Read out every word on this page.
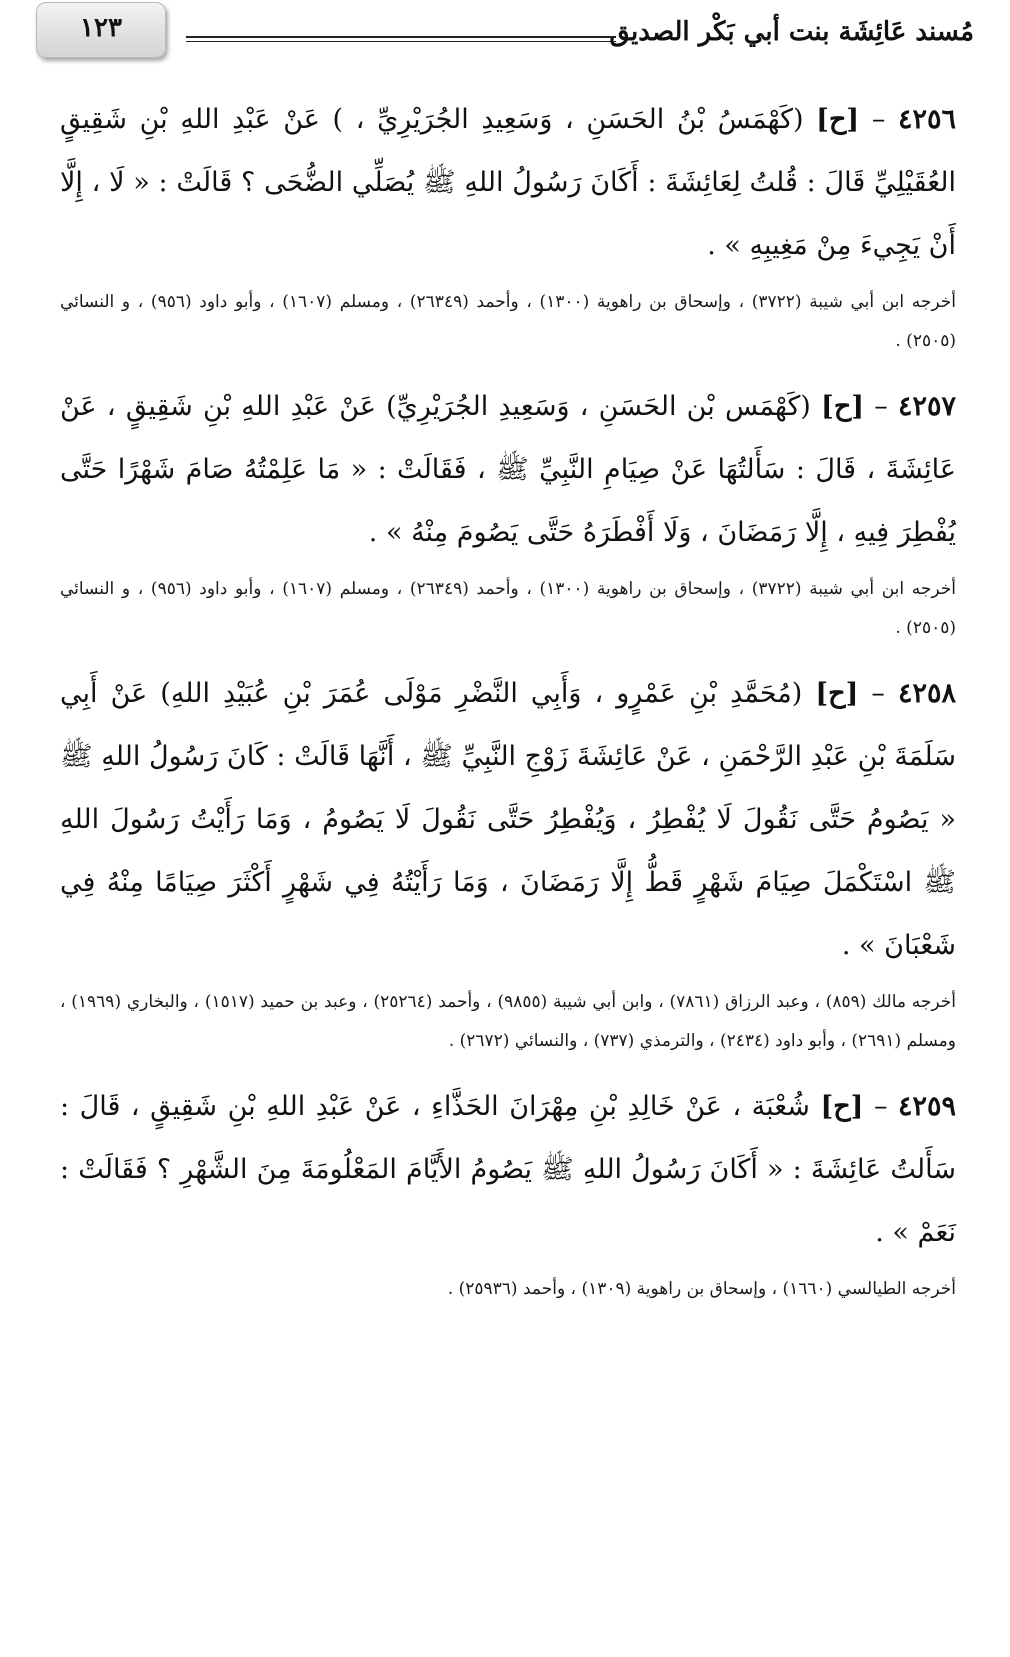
مُسند عَائِشَة بنت أبي بَكْر الصديق
١٢٣

٤٢٥٦ – [ح] (كَهْمَسُ بْنُ الحَسَنِ ، وَسَعِيدِ الجُرَيْرِيِّ ، ) عَنْ عَبْدِ اللهِ بْنِ شَقِيقٍ العُقَيْلِيِّ قَالَ : قُلتُ لِعَائِشَةَ : أَكَانَ رَسُولُ اللهِ ﷺ يُصَلِّي الضُّحَى ؟ قَالَتْ : « لَا ، إِلَّا أَنْ يَجِيءَ مِنْ مَغِيبِهِ » .

أخرجه ابن أبي شيبة (٣٧٢٢) ، وإسحاق بن راهوية (١٣٠٠) ، وأحمد (٢٦٣٤٩) ، ومسلم (١٦٠٧) ، وأبو داود (٩٥٦) ، و النسائي (٢٥٠٥) .

٤٢٥٧ – [ح] (كَهْمَس بْن الحَسَنِ ، وَسَعِيدِ الجُرَيْرِيِّ) عَنْ عَبْدِ اللهِ بْنِ شَقِيقٍ ، عَنْ عَائِشَةَ ، قَالَ : سَأَلتُهَا عَنْ صِيَامِ النَّبِيِّ ﷺ ، فَقَالَتْ : « مَا عَلِمْتُهُ صَامَ شَهْرًا حَتَّى يُفْطِرَ فِيهِ ، إِلَّا رَمَضَانَ ، وَلَا أَفْطَرَهُ حَتَّى يَصُومَ مِنْهُ » .

أخرجه ابن أبي شيبة (٣٧٢٢) ، وإسحاق بن راهوية (١٣٠٠) ، وأحمد (٢٦٣٤٩) ، ومسلم (١٦٠٧) ، وأبو داود (٩٥٦) ، و النسائي (٢٥٠٥) .

٤٢٥٨ – [ح] (مُحَمَّدِ بْنِ عَمْرٍو ، وَأَبِي النَّضْرِ مَوْلَى عُمَرَ بْنِ عُبَيْدِ اللهِ) عَنْ أَبِي سَلَمَةَ بْنِ عَبْدِ الرَّحْمَنِ ، عَنْ عَائِشَةَ زَوْجِ النَّبِيِّ ﷺ ، أَنَّهَا قَالَتْ : كَانَ رَسُولُ اللهِ ﷺ « يَصُومُ حَتَّى نَقُولَ لَا يُفْطِرُ ، وَيُفْطِرُ حَتَّى نَقُولَ لَا يَصُومُ ، وَمَا رَأَيْتُ رَسُولَ اللهِ ﷺ اسْتَكْمَلَ صِيَامَ شَهْرٍ قَطُّ إِلَّا رَمَضَانَ ، وَمَا رَأَيْتُهُ فِي شَهْرٍ أَكْثَرَ صِيَامًا مِنْهُ فِي شَعْبَانَ » .

أخرجه مالك (٨٥٩) ، وعبد الرزاق (٧٨٦١) ، وابن أبي شيبة (٩٨٥٥) ، وأحمد (٢٥٢٦٤) ، وعبد بن حميد (١٥١٧) ، والبخاري (١٩٦٩) ، ومسلم (٢٦٩١) ، وأبو داود (٢٤٣٤) ، والترمذي (٧٣٧) ، والنسائي (٢٦٧٢) .

٤٢٥٩ – [ح] شُعْبَة ، عَنْ خَالِدِ بْنِ مِهْرَانَ الحَذَّاءِ ، عَنْ عَبْدِ اللهِ بْنِ شَقِيقٍ ، قَالَ : سَأَلتُ عَائِشَةَ : « أَكَانَ رَسُولُ اللهِ ﷺ يَصُومُ الأَيَّامَ المَعْلُومَةَ مِنَ الشَّهْرِ ؟ فَقَالَتْ : نَعَمْ » .

أخرجه الطيالسي (١٦٦٠) ، وإسحاق بن راهوية (١٣٠٩) ، وأحمد (٢٥٩٣٦) .
